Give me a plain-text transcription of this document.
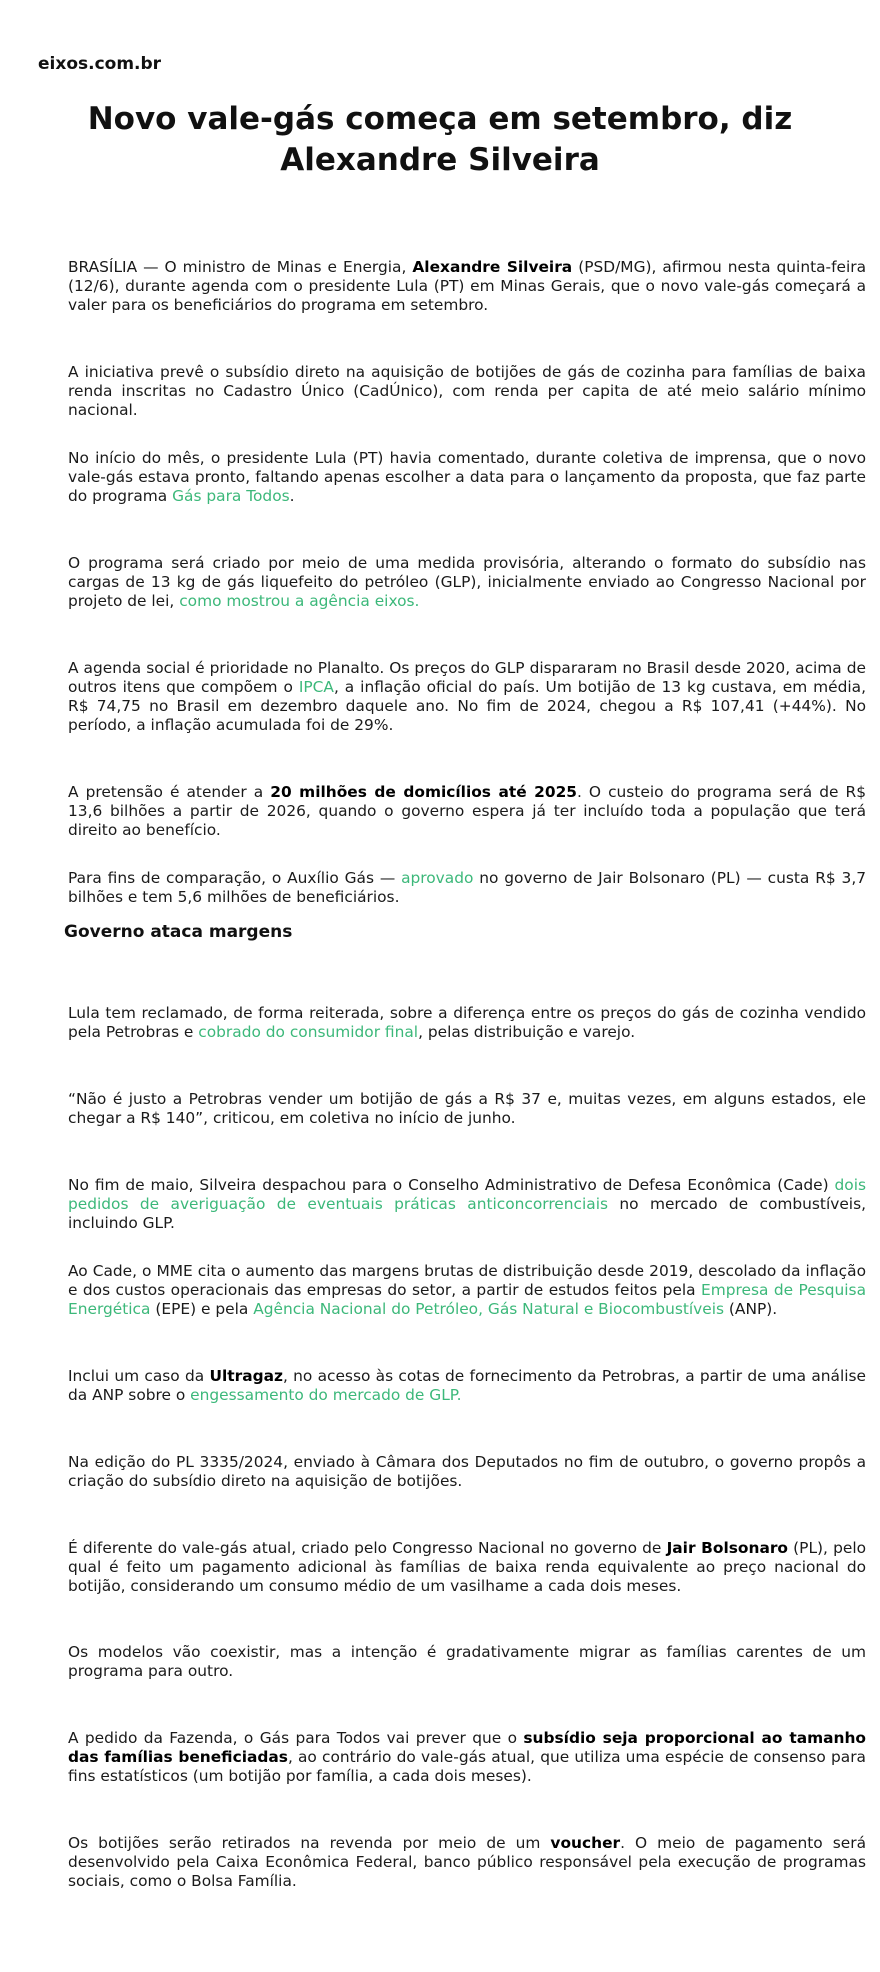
eixos.com.br
Novo vale-gás começa em setembro, diz Alexandre Silveira

BRASÍLIA — O ministro de Minas e Energia, Alexandre Silveira (PSD/MG), afirmou nesta quinta-feira (12/6), durante agenda com o presidente Lula (PT) em Minas Gerais, que o novo vale-gás começará a valer para os beneficiários do programa em setembro.

A iniciativa prevê o subsídio direto na aquisição de botijões de gás de cozinha para famílias de baixa renda inscritas no Cadastro Único (CadÚnico), com renda per capita de até meio salário mínimo nacional.

No início do mês, o presidente Lula (PT) havia comentado, durante coletiva de imprensa, que o novo vale-gás estava pronto, faltando apenas escolher a data para o lançamento da proposta, que faz parte do programa Gás para Todos.

O programa será criado por meio de uma medida provisória, alterando o formato do subsídio nas cargas de 13 kg de gás liquefeito do petróleo (GLP), inicialmente enviado ao Congresso Nacional por projeto de lei, como mostrou a agência eixos.

A agenda social é prioridade no Planalto. Os preços do GLP dispararam no Brasil desde 2020, acima de outros itens que compõem o IPCA, a inflação oficial do país. Um botijão de 13 kg custava, em média, R$ 74,75 no Brasil em dezembro daquele ano. No fim de 2024, chegou a R$ 107,41 (+44%). No período, a inflação acumulada foi de 29%.

A pretensão é atender a 20 milhões de domicílios até 2025. O custeio do programa será de R$ 13,6 bilhões a partir de 2026, quando o governo espera já ter incluído toda a população que terá direito ao benefício.

Para fins de comparação, o Auxílio Gás — aprovado no governo de Jair Bolsonaro (PL) — custa R$ 3,7 bilhões e tem 5,6 milhões de beneficiários.

Governo ataca margens

Lula tem reclamado, de forma reiterada, sobre a diferença entre os preços do gás de cozinha vendido pela Petrobras e cobrado do consumidor final, pelas distribuição e varejo.

“Não é justo a Petrobras vender um botijão de gás a R$ 37 e, muitas vezes, em alguns estados, ele chegar a R$ 140”, criticou, em coletiva no início de junho.

No fim de maio, Silveira despachou para o Conselho Administrativo de Defesa Econômica (Cade) dois pedidos de averiguação de eventuais práticas anticoncorrenciais no mercado de combustíveis, incluindo GLP.

Ao Cade, o MME cita o aumento das margens brutas de distribuição desde 2019, descolado da inflação e dos custos operacionais das empresas do setor, a partir de estudos feitos pela Empresa de Pesquisa Energética (EPE) e pela Agência Nacional do Petróleo, Gás Natural e Biocombustíveis (ANP).

Inclui um caso da Ultragaz, no acesso às cotas de fornecimento da Petrobras, a partir de uma análise da ANP sobre o engessamento do mercado de GLP.

Na edição do PL 3335/2024, enviado à Câmara dos Deputados no fim de outubro, o governo propôs a criação do subsídio direto na aquisição de botijões.

É diferente do vale-gás atual, criado pelo Congresso Nacional no governo de Jair Bolsonaro (PL), pelo qual é feito um pagamento adicional às famílias de baixa renda equivalente ao preço nacional do botijão, considerando um consumo médio de um vasilhame a cada dois meses.

Os modelos vão coexistir, mas a intenção é gradativamente migrar as famílias carentes de um programa para outro.

A pedido da Fazenda, o Gás para Todos vai prever que o subsídio seja proporcional ao tamanho das famílias beneficiadas, ao contrário do vale-gás atual, que utiliza uma espécie de consenso para fins estatísticos (um botijão por família, a cada dois meses).

Os botijões serão retirados na revenda por meio de um voucher. O meio de pagamento será desenvolvido pela Caixa Econômica Federal, banco público responsável pela execução de programas sociais, como o Bolsa Família.
